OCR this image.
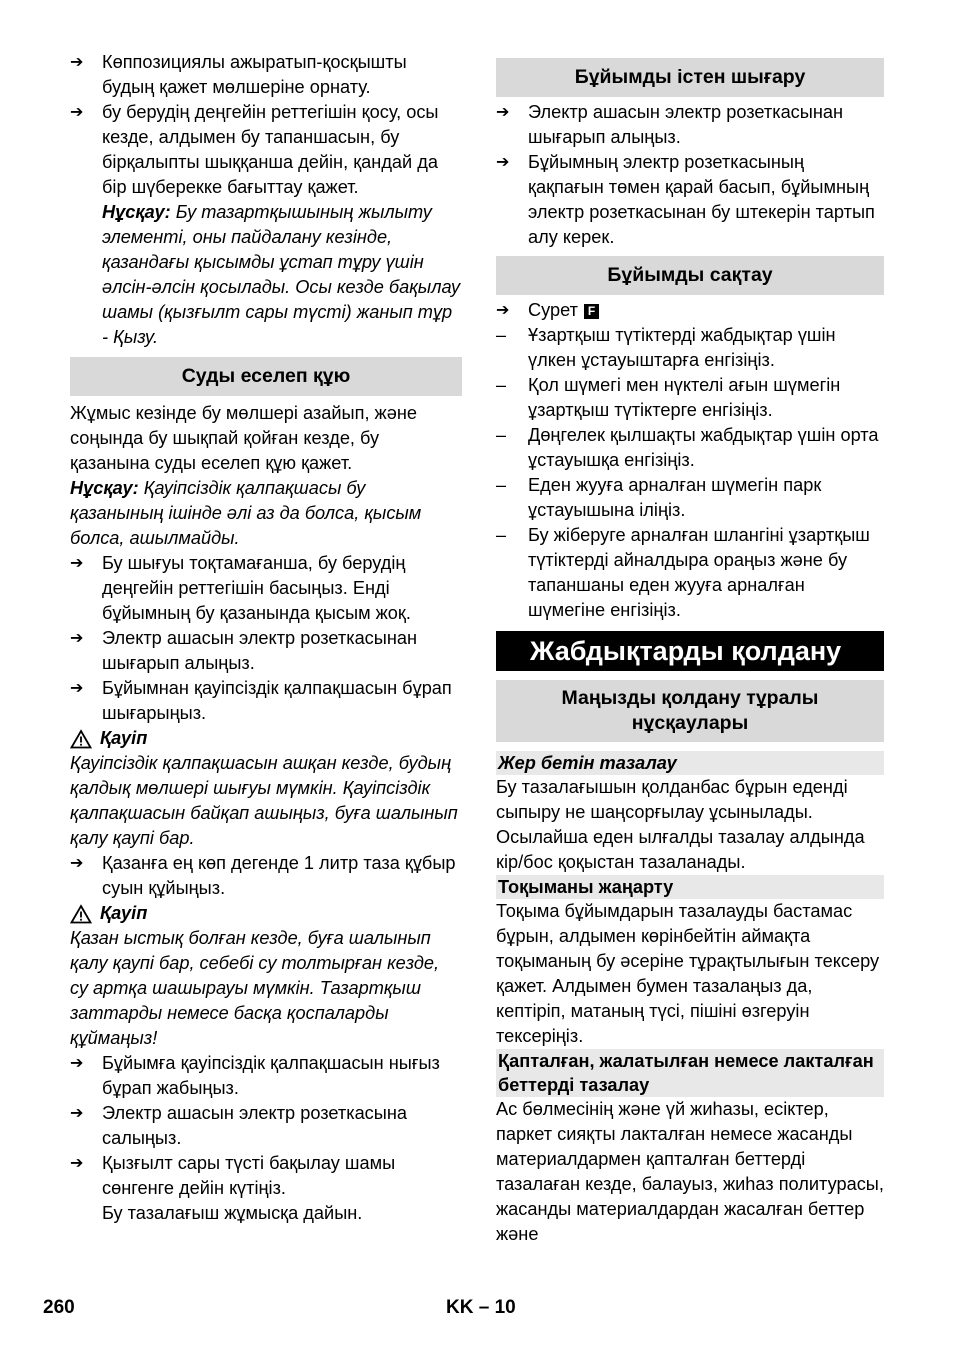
➔	Көппозициялы ажыратып-қосқышты будың қажет мөлшеріне орнату.
➔	бу берудің деңгейін реттегішін қосу, осы кезде, алдымен бу тапаншасын, бу бірқалыпты шыққанша дейін, қандай да бір шүберекке бағыттау қажет.

Нұсқау: Бу тазартқышының жылыту элементі, оны пайдалану кезінде, қазандағы қысымды ұстап тұру үшін әлсін-әлсін қосылады. Осы кезде бақылау шамы (қызғылт сары түсті) жанып тұр - Қызу.

Суды еселеп құю

Жұмыс кезінде бу мөлшері азайып, және соңында бу шықпай қойған кезде, бу қазанына суды еселеп құю қажет.

Нұсқау: Қауіпсіздік қалпақшасы бу қазанының ішінде әлі аз да болса, қысым болса, ашылмайды.

➔	Бу шығуы тоқтамағанша, бу берудің деңгейін реттегішін басыңыз. Енді бұйымның бу қазанында қысым жоқ.
➔	Электр ашасын электр розеткасынан шығарып алыңыз.
➔	Бұйымнан қауіпсіздік қалпақшасын бұрап шығарыңыз.
Қауіп

Қауіпсіздік қалпақшасын ашқан кезде, будың қалдық мөлшері шығуы мүмкін. Қауіпсіздік қалпақшасын байқап ашыңыз, буға шалынып қалу қаупі бар.

➔	Қазанға ең көп дегенде 1 литр таза құбыр суын құйыңыз.
Қауіп

Қазан ыстық болған кезде, буға шалынып қалу қаупі бар, себебі су толтырған кезде, су артқа шашырауы мүмкін. Тазартқыш заттарды немесе басқа қоспаларды құймаңыз!

➔	Бұйымға қауіпсіздік қалпақшасын нығыз бұрап жабыңыз.
➔	Электр ашасын электр розеткасына салыңыз.
➔	Қызғылт сары түсті бақылау шамы сөнгенге дейін күтіңіз.

Бу тазалағыш жұмысқа дайын.

Бұйымды істен шығару
➔	Электр ашасын электр розеткасынан шығарып алыңыз.
➔	Бұйымның электр розеткасының қақпағын төмен қарай басып, бұйымның электр розеткасынан бу штекерін тартып алу керек.
Бұйымды сақтау
➔	Сурет F
–	Ұзартқыш түтіктерді жабдықтар үшін үлкен ұстауыштарға енгізіңіз.
–	Қол шүмегі мен нүктелі ағын шүмегін ұзартқыш түтіктерге енгізіңіз.
–	Дөңгелек қылшақты жабдықтар үшін орта ұстауышқа енгізіңіз.
–	Еден жууға арналған шүмегін парк ұстауышына іліңіз.
–	Бу жіберуге арналған шлангіні ұзартқыш түтіктерді айналдыра ораңыз және бу тапаншаны еден жууға арналған шүмегіне енгізіңіз.
Жабдықтарды қолдану
Маңызды қолдану тұралы нұсқаулары
Жер бетін тазалау

Бу тазалағышын қолданбас бұрын еденді сыпыру не шаңсорғылау ұсынылады. Осылайша еден ылғалды тазалау алдында кір/бос қоқыстан тазаланады.

Тоқыманы жаңарту

Тоқыма бұйымдарын тазалауды бастамас бұрын, алдымен көрінбейтін аймақта тоқыманың бу әсеріне тұрақтылығын тексеру қажет. Алдымен бумен тазалаңыз да, кептіріп, матаның түсі, пішіні өзгеруін тексеріңіз.

Қапталған, жалатылған немесе лакталған беттерді тазалау

Ас бөлмесінің және үй жиһазы, есіктер, паркет сияқты лакталған немесе жасанды материалдармен қапталған беттерді тазалаған кезде, балауыз, жиһаз политурасы, жасанды материалдардан жасалған беттер және

260	KK – 10
